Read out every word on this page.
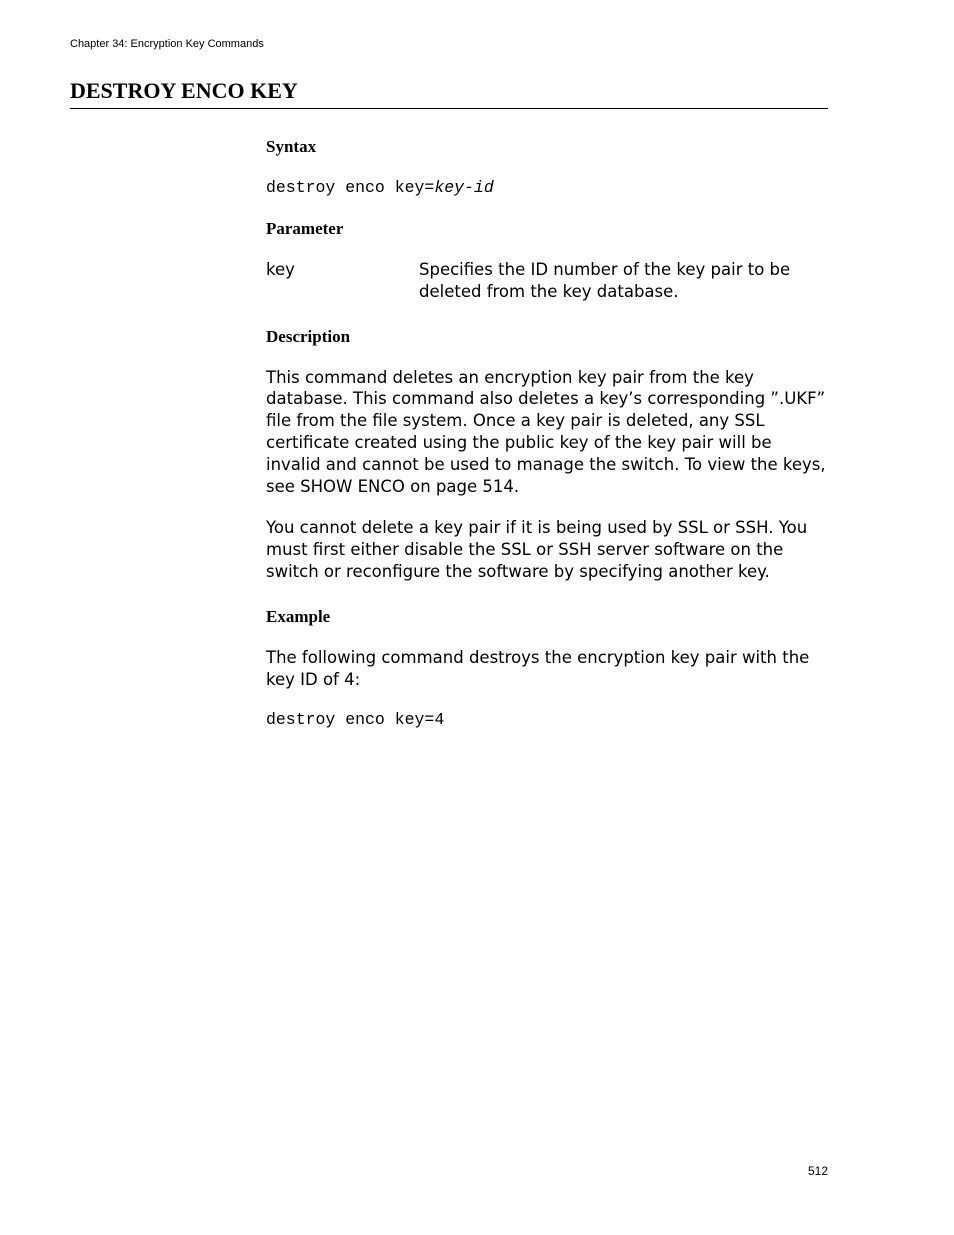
Chapter 34: Encryption Key Commands
DESTROY ENCO KEY
Syntax
destroy enco key=key-id
Parameter
key	Specifies the ID number of the key pair to be deleted from the key database.
Description

This command deletes an encryption key pair from the key database. This command also deletes a key’s corresponding ”.UKF” file from the file system. Once a key pair is deleted, any SSL certificate created using the public key of the key pair will be invalid and cannot be used to manage the switch. To view the keys, see SHOW ENCO on page 514.

You cannot delete a key pair if it is being used by SSL or SSH. You must first either disable the SSL or SSH server software on the switch or reconfigure the software by specifying another key.

Example

The following command destroys the encryption key pair with the key ID of 4:

destroy enco key=4
512
